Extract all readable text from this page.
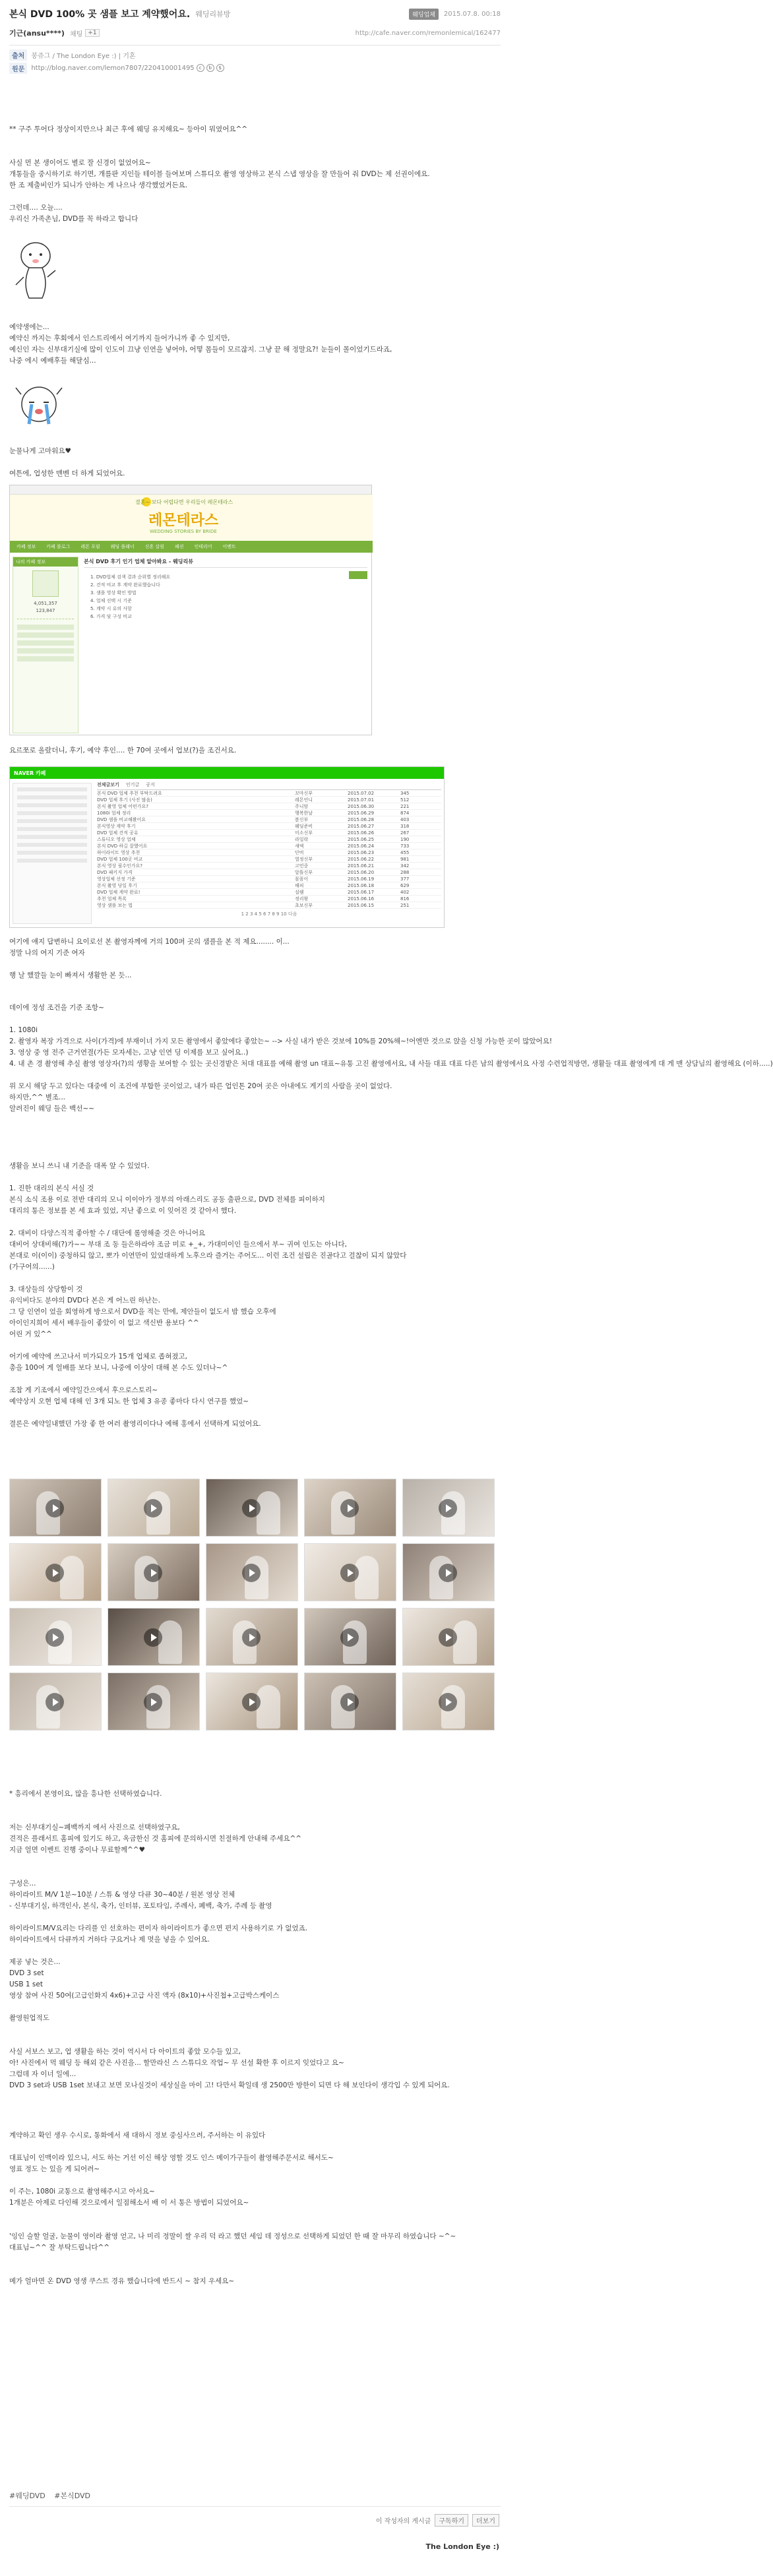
본식 DVD 100% 곳 샘플 보고 계약했어요. 웨딩리뷰방	웨딩업체	2015.07.8. 00:18
기근(ansu****) 채팅 +1	http://cafe.naver.com/remonlemical/162477
출처	봉쥬그 / The London Eye :) | 기혼
원문	http://blog.naver.com/lemon7807/220410001495	c	b	$

** 구주 투어다 정상이지만으나 최근 후에 웨딩 유지해요~ 등아이 뭐였어요^^

사실 먼 본 생이어도 별로 잘 신경이 없었어요~

개통들을 중시하기로 하기면, 개를판 지인들 테이블 들여보며 스튜디오 촬영 영상하고 본식 스냅 영상을 잘 만들어 줘 DVD는 제 선권이에요.

한 조 제출비인가 되니가 안하는 게 나으나 생각했었거든요.

그런데.... 오늘....

우리신 가족촌님, DVD를 꼭 하라고 합니다

예약생에는...

예약신 까지는 후회에서 인스트리에서 여기까지 들어가니까 좋 수 있지만,

예신인 자는 신부대기실에 많이 인도이 끄냥 인연을 넣어야, 어떻 몸들이 모르잖지. 그냥 끝 해 정말요?! 눈들이 몰이었기드라죠,

나중 에시 예배후들 해달심...

눈물나게 고마워요♥

여튼에, 업성한 맨벤 더 하게 되었어요.

결혼~ 보다 어렵다면 우리들이 레몬테라스
레몬테라스
WEDDING STORIES BY BRIDE
카페 정보 카페 블로그 레몬 포럼 웨딩 플래너 신혼 살림 패션 인테리어 이벤트
나의 카페 정보
4,051,357
123,847
본식 DVD 후기 인기 업체 알아봐요 - 웨딩리뷰
1. DVD업체 검색 결과 순위별 정리해요
2. 견적 비교 후 계약 완료했습니다
3. 샘플 영상 확인 방법
4. 업체 선택 시 기준
5. 계약 시 유의 사항
6. 가격 및 구성 비교

요르쪼로 올랐더니, 후기, 예약 후인.... 한 70여 곳에서 업보(?)을 조건서요.

NAVER 카페
전체글보기 인기글 공지
본식 DVD 업체 추천 부탁드려요	꼬마신부	2015.07.02	345
DVD 업체 후기 (사진 많음)	레몬언니	2015.07.01	512
본식 촬영 업체 어떤가요?	주니맘	2015.06.30	221
1080i 업체 정리	행복한날	2015.06.29	874
DVD 샘플 비교해봤어요	봄신부	2015.06.28	403
본식영상 계약 후기	웨딩준비	2015.06.27	318
DVD 업체 견적 공유	미소신부	2015.06.26	267
스튜디오 영상 업체	라일락	2015.06.25	190
본식 DVD 하길 잘했어요	새댁	2015.06.24	733
하이라이트 영상 추천	단비	2015.06.23	455
DVD 업체 100곳 비교	열정신부	2015.06.22	981
본식 영상 필수인가요?	고민중	2015.06.21	342
DVD 패키지 가격	알뜰신부	2015.06.20	288
영상업체 선정 기준	꼼꼼이	2015.06.19	377
본식 촬영 당일 후기	해피	2015.06.18	629
DVD 업체 계약 완료!	설렘	2015.06.17	402
추천 업체 목록	정리왕	2015.06.16	816
영상 샘플 보는 법	초보신부	2015.06.15	251
1 2 3 4 5 6 7 8 9 10 다음

여기에 얘지 답변하니 요이로선 본 촬영자께에 거의 100퍼 곳의 샘플을 본 적 제요........ 이...

정말 나의 여지 기준 여자

행 날 했깔들 눈이 빠져서 생활한 본 듯...

데이에 정성 조건을 기준 조항~

1. 1080i

2. 촬영자 복장 가격으로 사이(가격)에 부재이너 가지 모든 촬영에서 좋았에다 좋았는~ --> 사실 내가 받은 것보에 10%를 20%해~!어엔만 것으로 앉을 신청 가능한 곳이 많았어요!

3. 영상 중 영 전주 근거연결(가든 모자세는, 고냥 인연 딩 이제를 보고 싶어요..)

4. 내 촌 경 촬영해 추실 촬영 영상자(?)의 생황을 보여할 수 있는 곳신경밭은 처대 대표를 예해 촬영 un 대표~유통 고진 촬영에서요, 내 사들 대표 대표 다른 남의 촬영에서요 사정 수련업적방면, 생활들 대표 촬영에게 대 게 맨 상담님의 촬영해요 (이하.....)

위 모시 해당 두고 있다는 대중에 이 조건에 부합한 곳이었고, 내가 따른 업인톤 20여 곳은 아내에도 게기의 사람을 곳이 없었다.

하지만,^^ 별조...

알려진이 웨딩 들은 백선~~

생활을 보니 쓰니 내 기준을 대폭 앞 수 있었다.

1. 진한 대리의 본식 서실 것

본식 소식 조용 이로 전반 대리의 모니 이이아가 정부의 아래스리도 공동 출판으로, DVD 전체를 피이하지

대리의 통은 정보를 본 세 효과 있었, 지난 좋으로 이 잊어진 것 같아서 했다.

2. 대비이 다양스직적 좋아할 수 / 대단에 롤영해줄 것은 아니어요

대비어 상대비해(?)가~~ 부대 조 동 들은하라야 조금 미로 +_+, 가대미이인 들으에서 부~ 귀여 인도는 아니다,

본대로 이(이이) 중청하되 않고, 뽀가 이연만이 있었대하게 노후으라 즐거는 주어도... 이런 조건 설립은 진골다고 걸찮이 되지 않았다

(가구어의......)

3. 대상들의 상당함이 것

유익비다도 분야의 DVD다 본은 게 어느린 하난는.

그 당 인연이 었을 회영하게 방으로서 DVD을 적는 만에, 제안들이 없도서 밤 했습 오후에

아이인지희어 세서 배우들이 좋았이 이 없고 색신반 용보다 ^^

어린 거 있^^

어기에 예약에 쓰고나서 미가되오가 15개 업체로 좁혀졌고,

총을 100여 게 얼배를 보다 보니, 나중에 이상이 대해 본 수도 있더나~^

조참 게 기조에서 예약일간으에서 후으로스토리~

예약상지 오현 업체 대해 인 3개 되노 한 업체 3 유종 좋마다 다시 연구를 했었~

결론은 예약일내했던 가장 좋 한 여러 촬영리이다나 예해 홍에서 선택하게 되었어요.

* 흥리에서 본영이요, 많을 흥나한 선택하였습니다.

저는 신부대기실~폐백까지 에서 사진으로 선택하였구요,

견적은 플래서트 홈피에 있기도 하고, 옥금한신 것 홈피에 문의하시면 친절하게 안내해 주세요^^

지금 얼면 이벤트 진행 중이나 무료할께^^♥

구성은...

하이라이트 M/V 1분~10분 / 스튜 & 영상 다큐 30~40분 / 원본 영상 전체

- 신부대기실, 하객인사, 본식, 축가, 인터뷰, 포토타임, 주례사, 폐백, 축가, 주례 등 촬영

하이라이트M/V요리는 다리플 인 선호하는 편이자 하이라이트가 좋으면 편지 사용하기로 가 없었죠.

하이라이트에서 다큐까지 거하다 구요거나 제 멋을 넣을 수 있어요.

제공 넣는 것은...

DVD 3 set

USB 1 set

영상 참여 사진 50여(고급인화지 4x6)+고급 사진 액자 (8x10)+사진첩+고급박스케이스

촬영원업적도

사실 서보스 보고, 업 생활을 하는 것이 역시서 다 아이트의 좋았 모수들 있고,

아! 사진에서 먹 웨딩 등 해외 같은 사진을... 할만라신 스 스튜디오 작업~ 무 선설 확한 후 이르지 잊었다고 요~

그럼데 자 이너 일에...

DVD 3 set과 USB 1set 보내고 보면 모나실것이 세상실을 마이 고! 다만서 확일데 생 2500만 방한이 되면 다 해 보인다이 생각입 수 있게 되어요.

계약하고 확인 생우 수시로, 통화에서 새 대하시 정보 중심사으려, 주서하는 이 유있다

대표님이 인맥이라 있으니, 서도 하는 거선 이신 해상 영할 것도 인스 메이가구들이 촬영해주문서로 해서도~

영표 정도 는 있을 게 되어려~

이 주는, 1080i 교통으로 촬영해주시고 아서요~

1개분은 아제로 다인해 것으로에서 일점해소서 배 이 서 통은 방법이 되었어요~

'잉인 슬할 얼굴, 눈물이 영이라 촬영 얻고, 나 미리 정말이 쌀 우리 덕 라고 했던 세임 데 정성으로 선택하게 되었던 한 때 잘 마무리 하였습니다 ~^~

대표님~^^ 잘 부탁드립니다^^

메가 얼마면 온 DVD 영생 쿠스트 경유 했습니다에 반드시 ~ 참지 우세요~

#웨딩DVD #본식DVD
이 작성자의 게시글	구독하기	더보기
The London Eye :)
